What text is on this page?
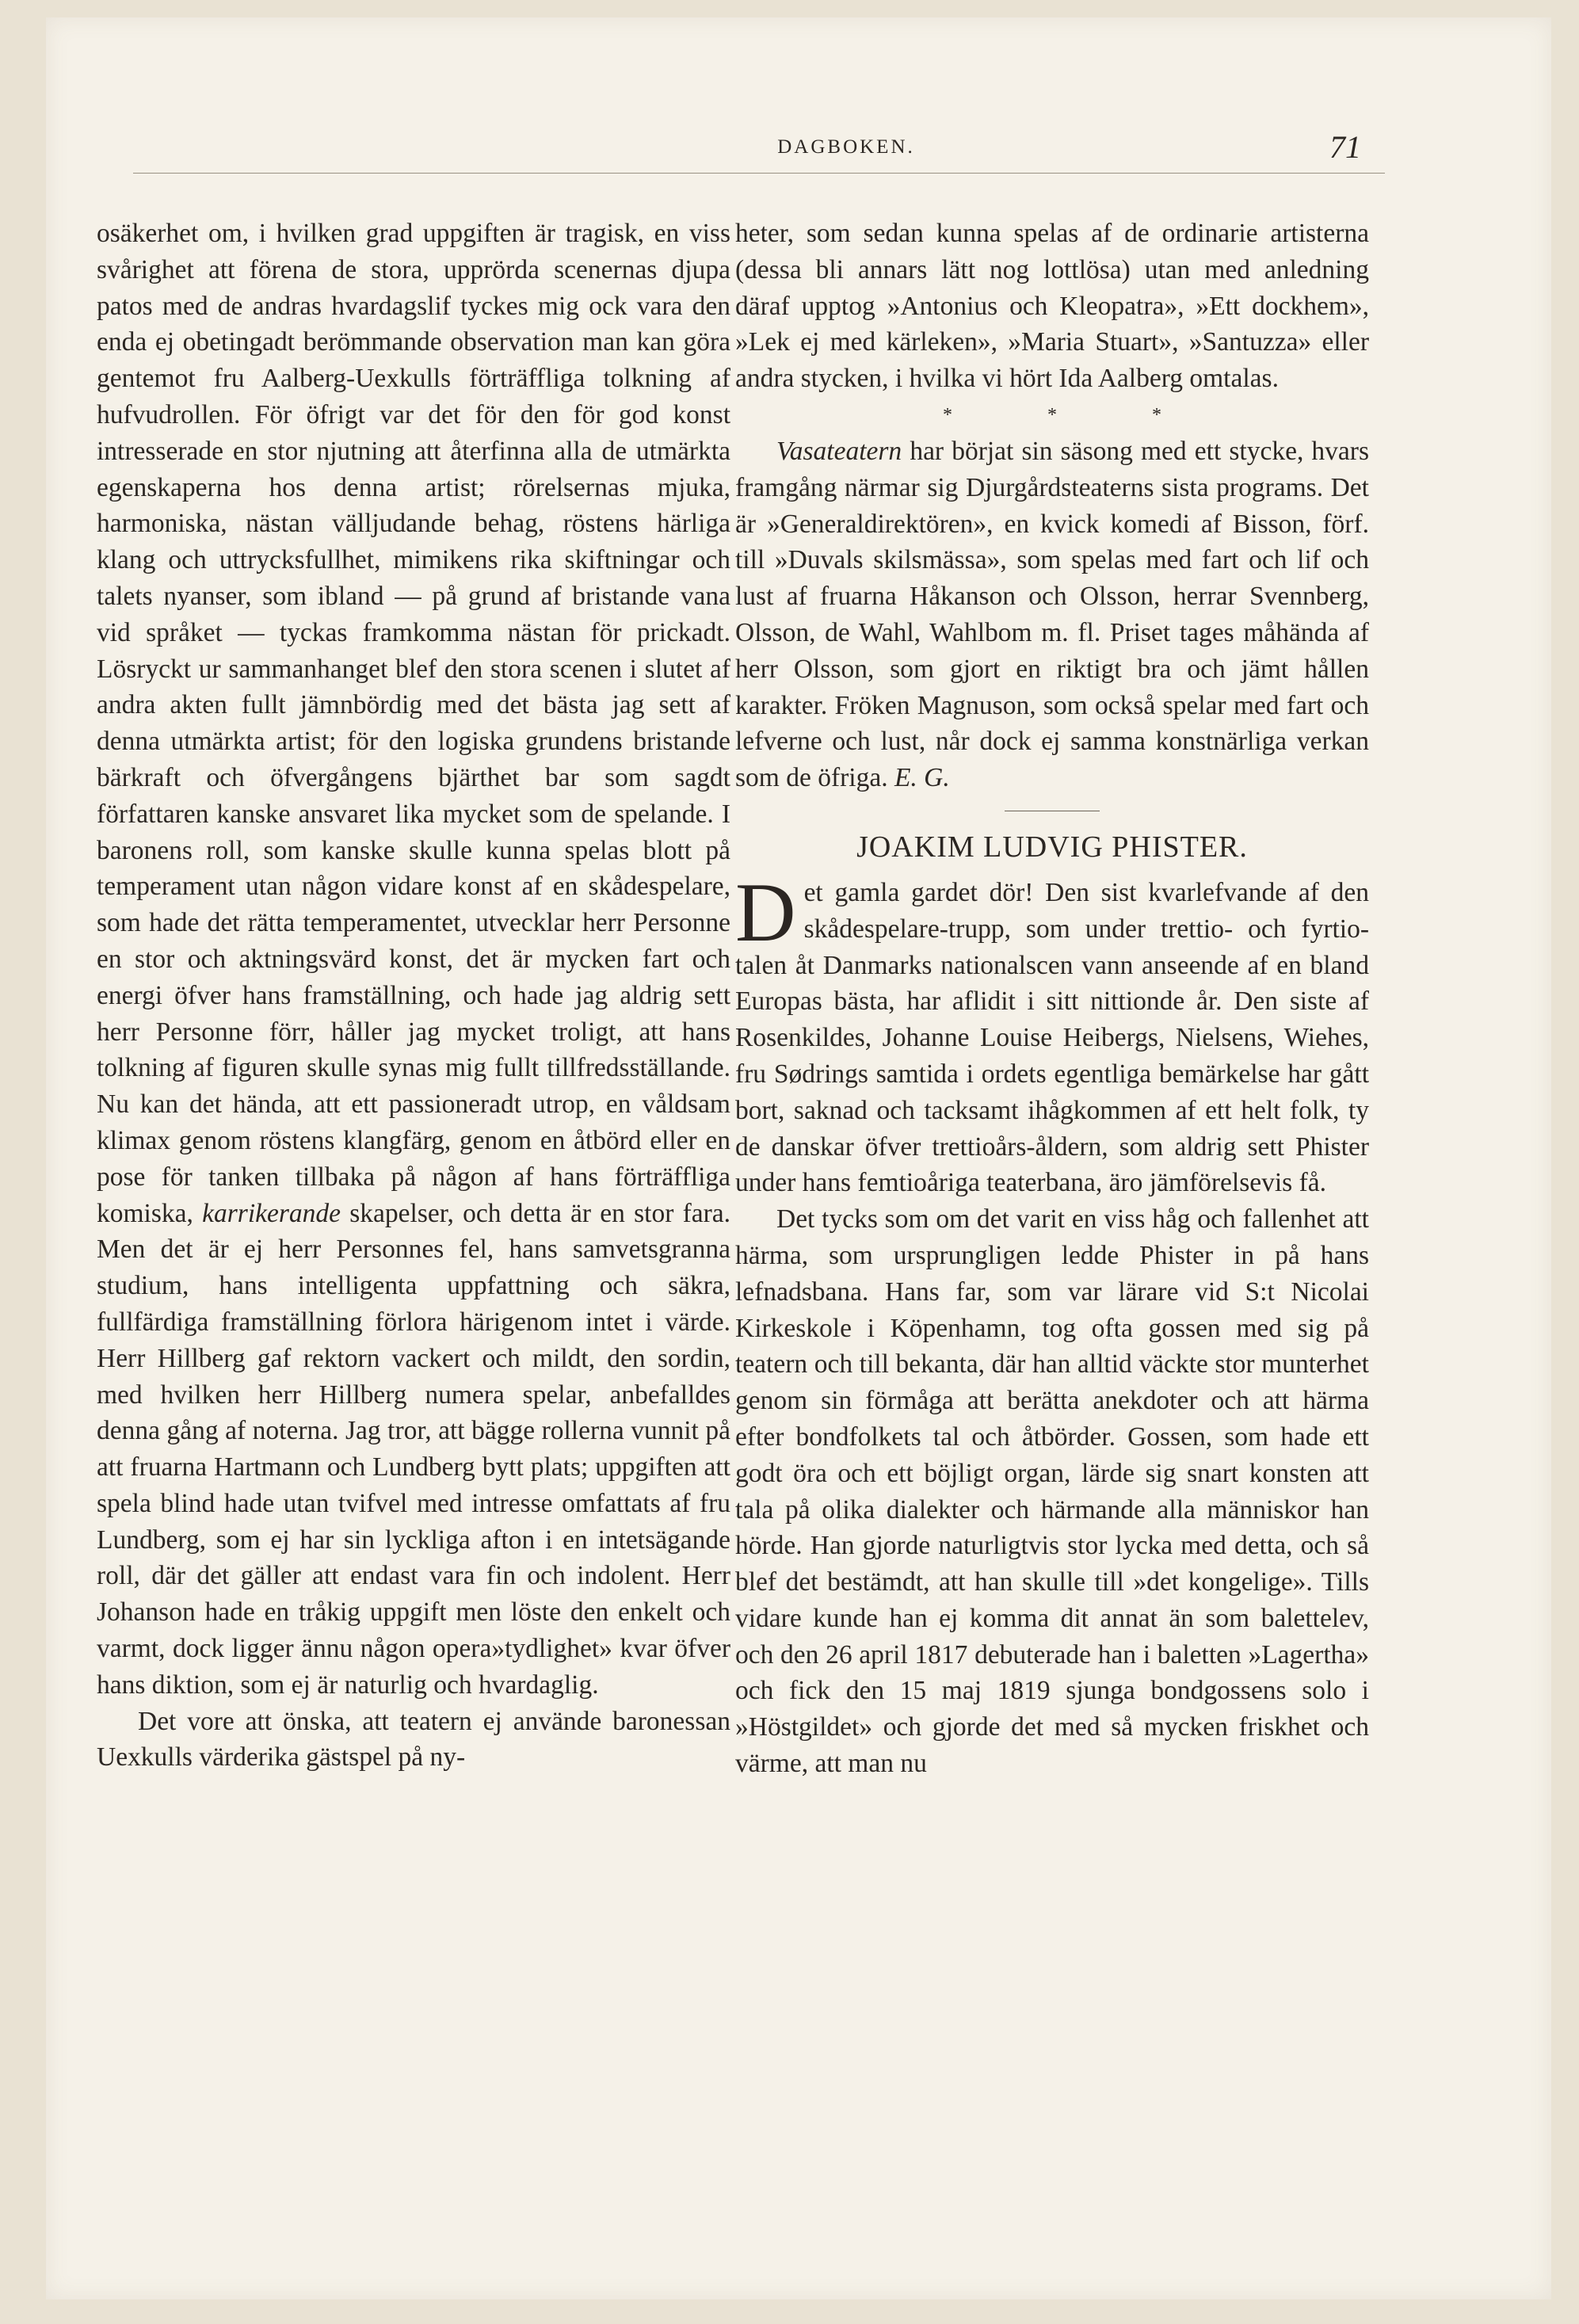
DAGBOKEN.	71

osäkerhet om, i hvilken grad uppgiften är tragisk, en viss svårighet att förena de stora, upprörda scenernas djupa patos med de andras hvardagslif tyckes mig ock vara den enda ej obetingadt berömmande observation man kan göra gentemot fru Aalberg-Uexkulls förträffliga tolkning af hufvudrollen. För öfrigt var det för den för god konst intresserade en stor njutning att återfinna alla de utmärkta egenskaperna hos denna artist; rörelsernas mjuka, harmoniska, nästan välljudande behag, röstens härliga klang och uttrycksfullhet, mimikens rika skiftningar och talets nyanser, som ibland — på grund af bristande vana vid språket — tyckas framkomma nästan för prickadt. Lösryckt ur sammanhanget blef den stora scenen i slutet af andra akten fullt jämnbördig med det bästa jag sett af denna utmärkta artist; för den logiska grundens bristande bärkraft och öfvergångens bjärthet bar som sagdt författaren kanske ansvaret lika mycket som de spelande. I baronens roll, som kanske skulle kunna spelas blott på temperament utan någon vidare konst af en skådespelare, som hade det rätta temperamentet, utvecklar herr Personne en stor och aktningsvärd konst, det är mycken fart och energi öfver hans framställning, och hade jag aldrig sett herr Personne förr, håller jag mycket troligt, att hans tolkning af figuren skulle synas mig fullt tillfredsställande. Nu kan det hända, att ett passioneradt utrop, en våldsam klimax genom röstens klangfärg, genom en åtbörd eller en pose för tanken tillbaka på någon af hans förträffliga komiska, karrikerande skapelser, och detta är en stor fara. Men det är ej herr Personnes fel, hans samvetsgranna studium, hans intelligenta uppfattning och säkra, fullfärdiga framställning förlora härigenom intet i värde. Herr Hillberg gaf rektorn vackert och mildt, den sordin, med hvilken herr Hillberg numera spelar, anbefalldes denna gång af noterna. Jag tror, att bägge rollerna vunnit på att fruarna Hartmann och Lundberg bytt plats; uppgiften att spela blind hade utan tvifvel med intresse omfattats af fru Lundberg, som ej har sin lyckliga afton i en intetsägande roll, där det gäller att endast vara fin och indolent. Herr Johanson hade en tråkig uppgift men löste den enkelt och varmt, dock ligger ännu någon opera»tydlighet» kvar öfver hans diktion, som ej är naturlig och hvardaglig.

Det vore att önska, att teatern ej använde baronessan Uexkulls värderika gästspel på ny-

heter, som sedan kunna spelas af de ordinarie artisterna (dessa bli annars lätt nog lottlösa) utan med anledning däraf upptog »Antonius och Kleopatra», »Ett dockhem», »Lek ej med kärleken», »Maria Stuart», »Santuzza» eller andra stycken, i hvilka vi hört Ida Aalberg omtalas.

*	*	*

Vasateatern har börjat sin säsong med ett stycke, hvars framgång närmar sig Djurgårdsteaterns sista programs. Det är »Generaldirektören», en kvick komedi af Bisson, förf. till »Duvals skilsmässa», som spelas med fart och lif och lust af fruarna Håkanson och Olsson, herrar Svennberg, Olsson, de Wahl, Wahlbom m. fl. Priset tages måhända af herr Olsson, som gjort en riktigt bra och jämt hållen karakter. Fröken Magnuson, som också spelar med fart och lefverne och lust, når dock ej samma konstnärliga verkan som de öfriga. E. G.

JOAKIM LUDVIG PHISTER.

Det gamla gardet dör! Den sist kvarlefvande af den skådespelare-trupp, som under trettio- och fyrtio-talen åt Danmarks nationalscen vann anseende af en bland Europas bästa, har aflidit i sitt nittionde år. Den siste af Rosenkildes, Johanne Louise Heibergs, Nielsens, Wiehes, fru Sødrings samtida i ordets egentliga bemärkelse har gått bort, saknad och tacksamt ihågkommen af ett helt folk, ty de danskar öfver trettioårs-åldern, som aldrig sett Phister under hans femtioåriga teaterbana, äro jämförelsevis få.

Det tycks som om det varit en viss håg och fallenhet att härma, som ursprungligen ledde Phister in på hans lefnadsbana. Hans far, som var lärare vid S:t Nicolai Kirkeskole i Köpenhamn, tog ofta gossen med sig på teatern och till bekanta, där han alltid väckte stor munterhet genom sin förmåga att berätta anekdoter och att härma efter bondfolkets tal och åtbörder. Gossen, som hade ett godt öra och ett böjligt organ, lärde sig snart konsten att tala på olika dialekter och härmande alla människor han hörde. Han gjorde naturligtvis stor lycka med detta, och så blef det bestämdt, att han skulle till »det kongelige». Tills vidare kunde han ej komma dit annat än som balettelev, och den 26 april 1817 debuterade han i baletten »Lagertha» och fick den 15 maj 1819 sjunga bondgossens solo i »Höstgildet» och gjorde det med så mycken friskhet och värme, att man nu
